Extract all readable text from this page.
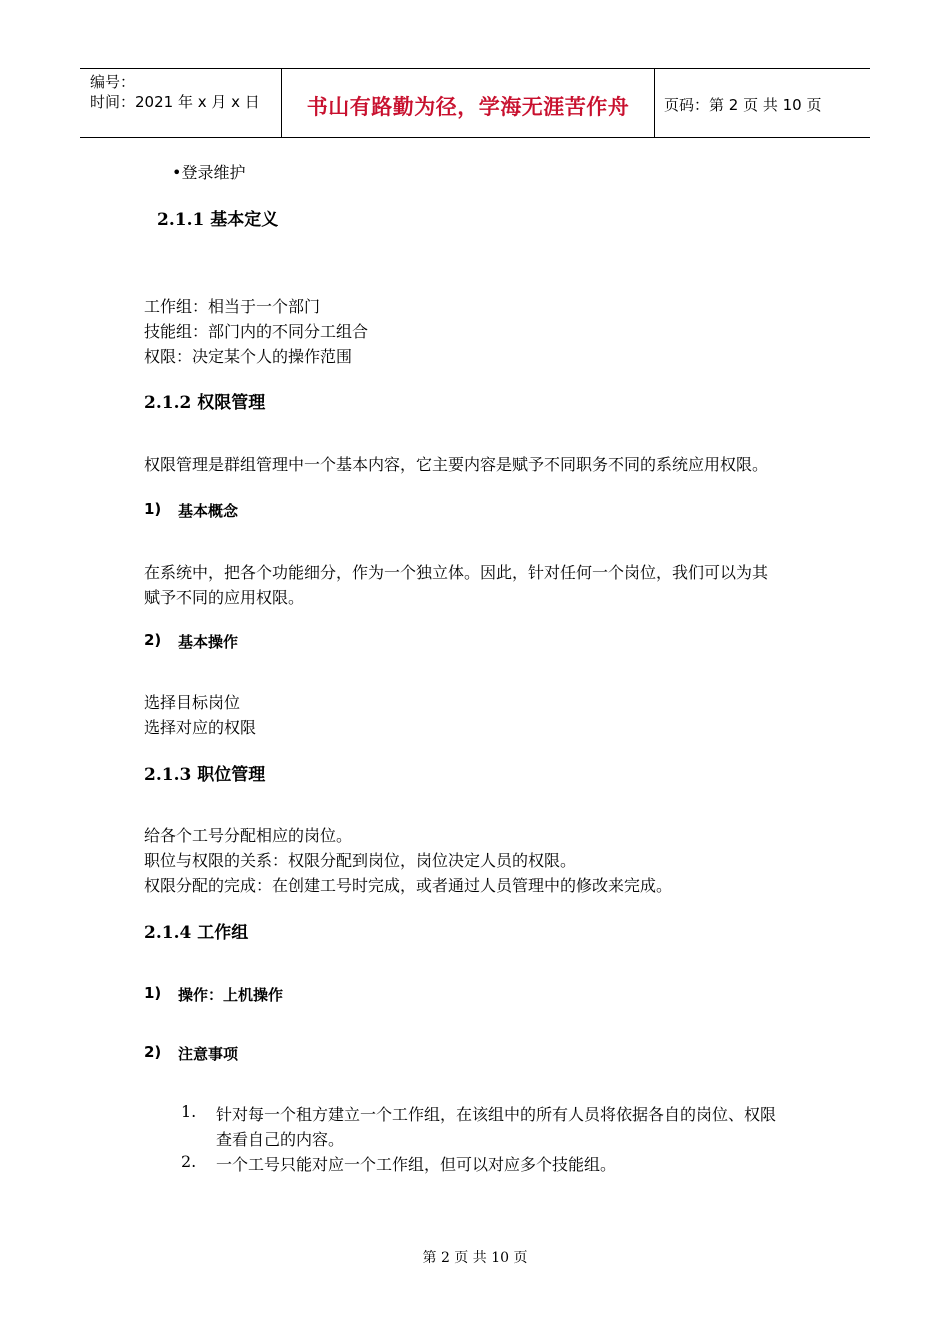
编号：
时间：2021 年 x 月 x 日	书山有路勤为径，学海无涯苦作舟	页码：第 2 页 共 10 页
•登录维护
2.1.1 基本定义
工作组：相当于一个部门
技能组：部门内的不同分工组合
权限：决定某个人的操作范围
2.1.2 权限管理
权限管理是群组管理中一个基本内容，它主要内容是赋予不同职务不同的系统应用权限。
1) 基本概念
在系统中，把各个功能细分，作为一个独立体。因此，针对任何一个岗位，我们可以为其
赋予不同的应用权限。
2) 基本操作
选择目标岗位
选择对应的权限
2.1.3 职位管理
给各个工号分配相应的岗位。
职位与权限的关系：权限分配到岗位，岗位决定人员的权限。
权限分配的完成：在创建工号时完成，或者通过人员管理中的修改来完成。
2.1.4 工作组
1) 操作：上机操作
2) 注意事项
1. 针对每一个租方建立一个工作组，在该组中的所有人员将依据各自的岗位、权限
查看自己的内容。
2. 一个工号只能对应一个工作组，但可以对应多个技能组。
第 2 页 共 10 页
